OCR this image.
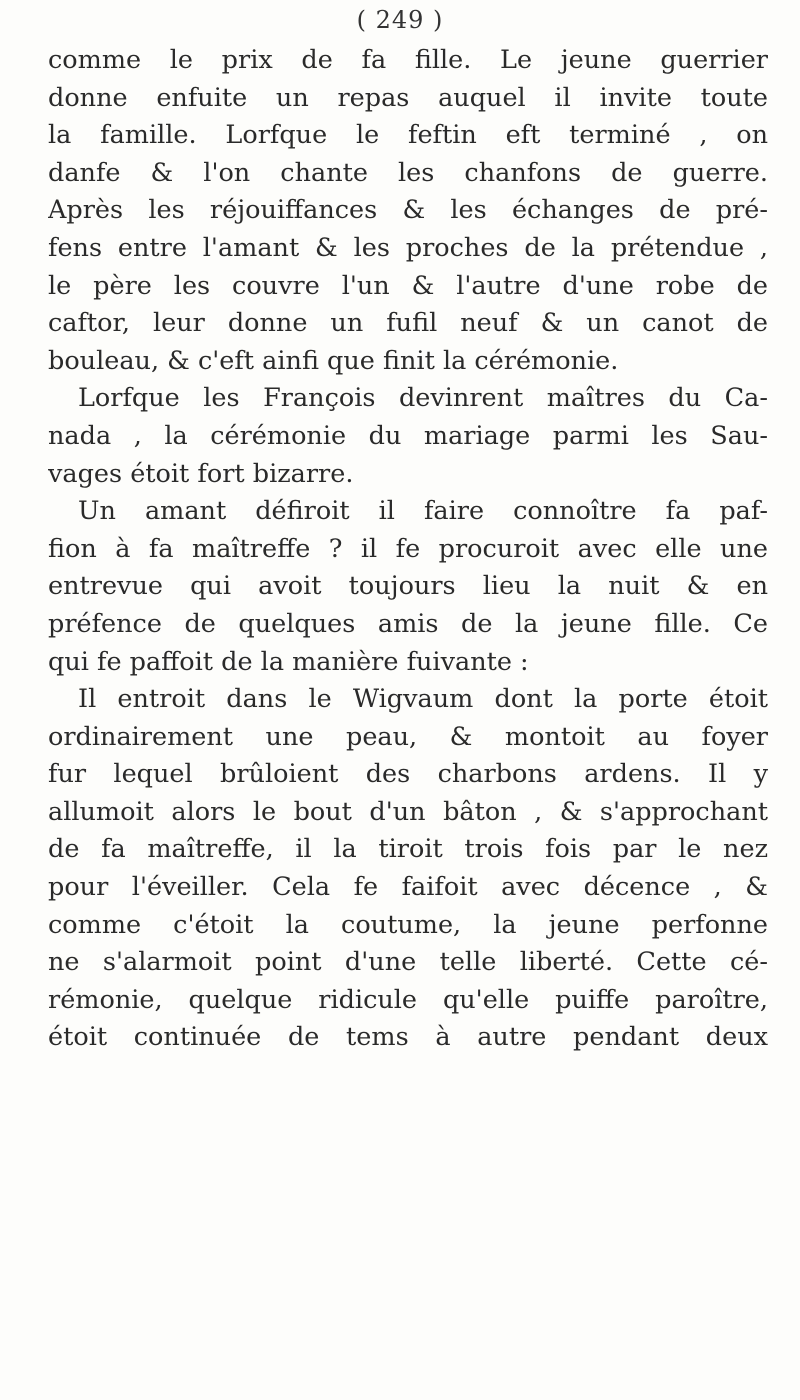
( 249 )
comme le prix de fa fille. Le jeune guerrier
donne enfuite un repas auquel il invite toute
la famille. Lorfque le feftin eft terminé , on
danfe & l'on chante les chanfons de guerre.
Après les réjouiffances & les échanges de pré-
fens entre l'amant & les proches de la prétendue ,
le père les couvre l'un & l'autre d'une robe de
caftor, leur donne un fufil neuf & un canot de
bouleau, & c'eft ainfi que finit la cérémonie.
Lorfque les François devinrent maîtres du Ca-
nada , la cérémonie du mariage parmi les Sau-
vages étoit fort bizarre.
Un amant défiroit il faire connoître fa paf-
fion à fa maîtreffe ? il fe procuroit avec elle une
entrevue qui avoit toujours lieu la nuit & en
préfence de quelques amis de la jeune fille. Ce
qui fe paffoit de la manière fuivante :
Il entroit dans le Wigvaum dont la porte étoit
ordinairement une peau, & montoit au foyer
fur lequel brûloient des charbons ardens. Il y
allumoit alors le bout d'un bâton , & s'approchant
de fa maîtreffe, il la tiroit trois fois par le nez
pour l'éveiller. Cela fe faifoit avec décence , &
comme c'étoit la coutume, la jeune perfonne
ne s'alarmoit point d'une telle liberté. Cette cé-
rémonie, quelque ridicule qu'elle puiffe paroître,
étoit continuée de tems à autre pendant deux
